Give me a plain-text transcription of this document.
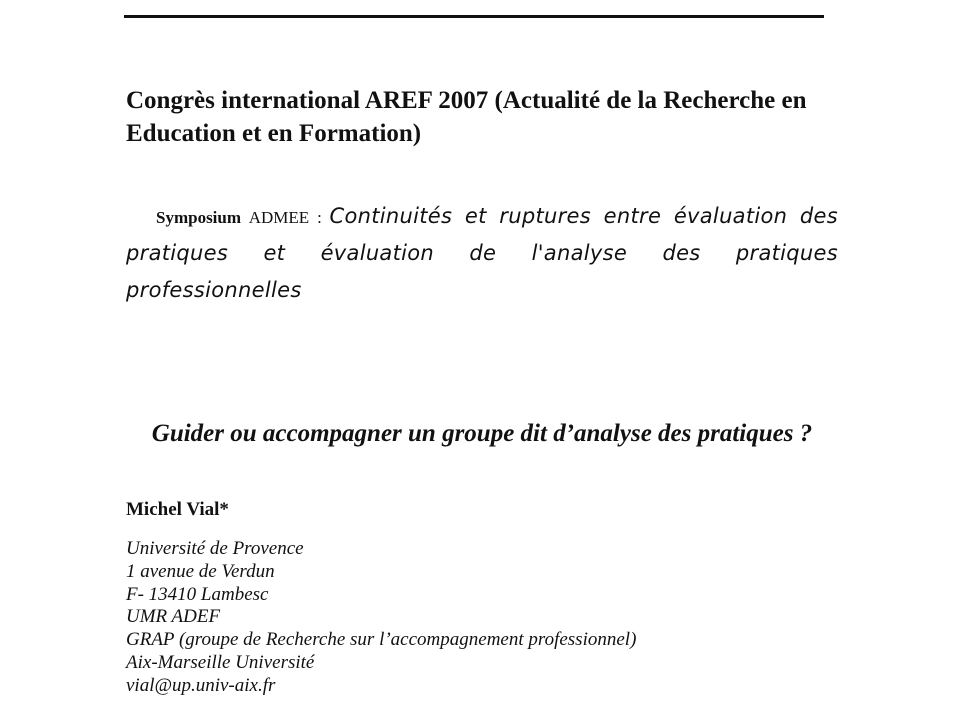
Congrès international AREF 2007 (Actualité de la Recherche en Education et en Formation)

Symposium ADMEE : Continuités et ruptures entre évaluation des pratiques et évaluation de l'analyse des pratiques professionnelles

Guider ou accompagner un groupe dit d’analyse des pratiques ?

Michel Vial*

Université de Provence
1 avenue de Verdun
F- 13410 Lambesc
UMR ADEF
GRAP (groupe de Recherche sur l’accompagnement professionnel)
Aix-Marseille Université
vial@up.univ-aix.fr
